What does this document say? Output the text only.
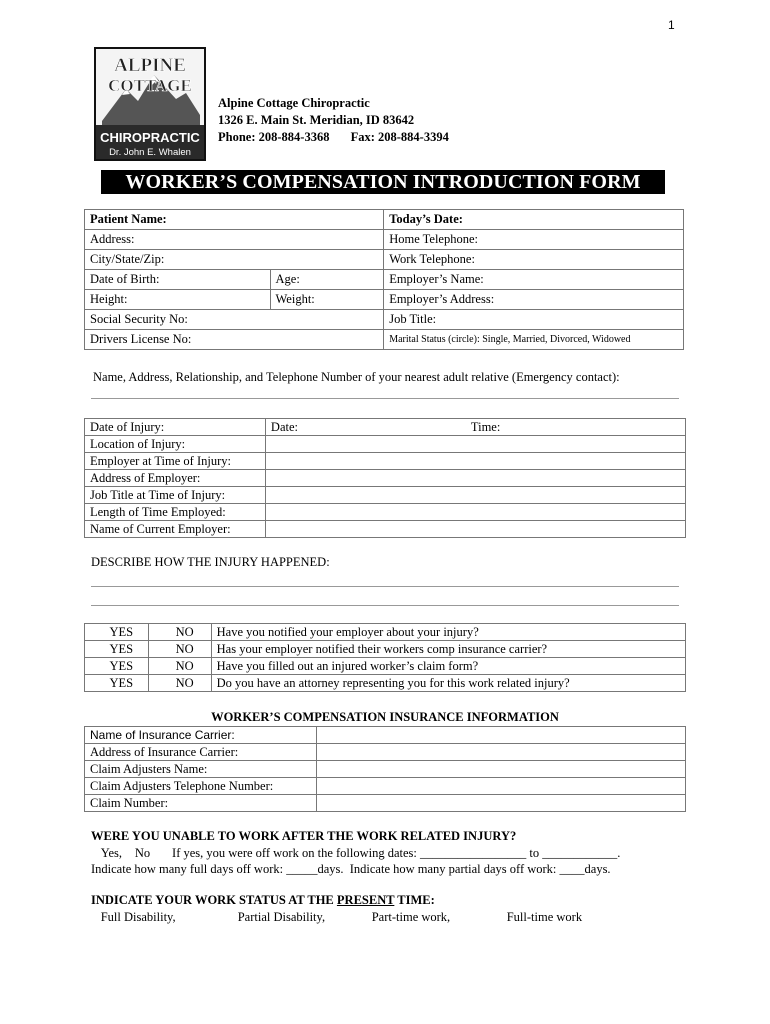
1
ALPINE
COTTAGE
CHIROPRACTIC
Dr. John E. Whalen
Alpine Cottage Chiropractic
1326 E. Main St. Meridian, ID 83642
Phone: 208-884-3368 Fax: 208-884-3394
WORKER’S COMPENSATION INTRODUCTION FORM
Patient Name:		Today’s Date:
Address:		Home Telephone:
City/State/Zip:		Work Telephone:
Date of Birth:	Age:	Employer’s Name:
Height:	Weight:	Employer’s Address:
Social Security No:		Job Title:
Drivers License No:		Marital Status (circle): Single, Married, Divorced, Widowed
Name, Address, Relationship, and Telephone Number of your nearest adult relative (Emergency contact):
Date of Injury:	Date: Time:
Location of Injury:	
Employer at Time of Injury:	
Address of Employer:	
Job Title at Time of Injury:	
Length of Time Employed:	
Name of Current Employer:	
DESCRIBE HOW THE INJURY HAPPENED:
YES	NO	Have you notified your employer about your injury?
YES	NO	Has your employer notified their workers comp insurance carrier?
YES	NO	Have you filled out an injured worker’s claim form?
YES	NO	Do you have an attorney representing you for this work related injury?
WORKER’S COMPENSATION INSURANCE INFORMATION
Name of Insurance Carrier:	
Address of Insurance Carrier:	
Claim Adjusters Name:	
Claim Adjusters Telephone Number:	
Claim Number:	
WERE YOU UNABLE TO WORK AFTER THE WORK RELATED INJURY?
Yes,  No       If yes, you were off work on the following dates: _________________ to ____________.
Indicate how many full days off work: _____days.  Indicate how many partial days off work: ____days.
INDICATE YOUR WORK STATUS AT THE PRESENT TIME:
Full Disability,	Partial Disability,	Part-time work,	Full-time work
